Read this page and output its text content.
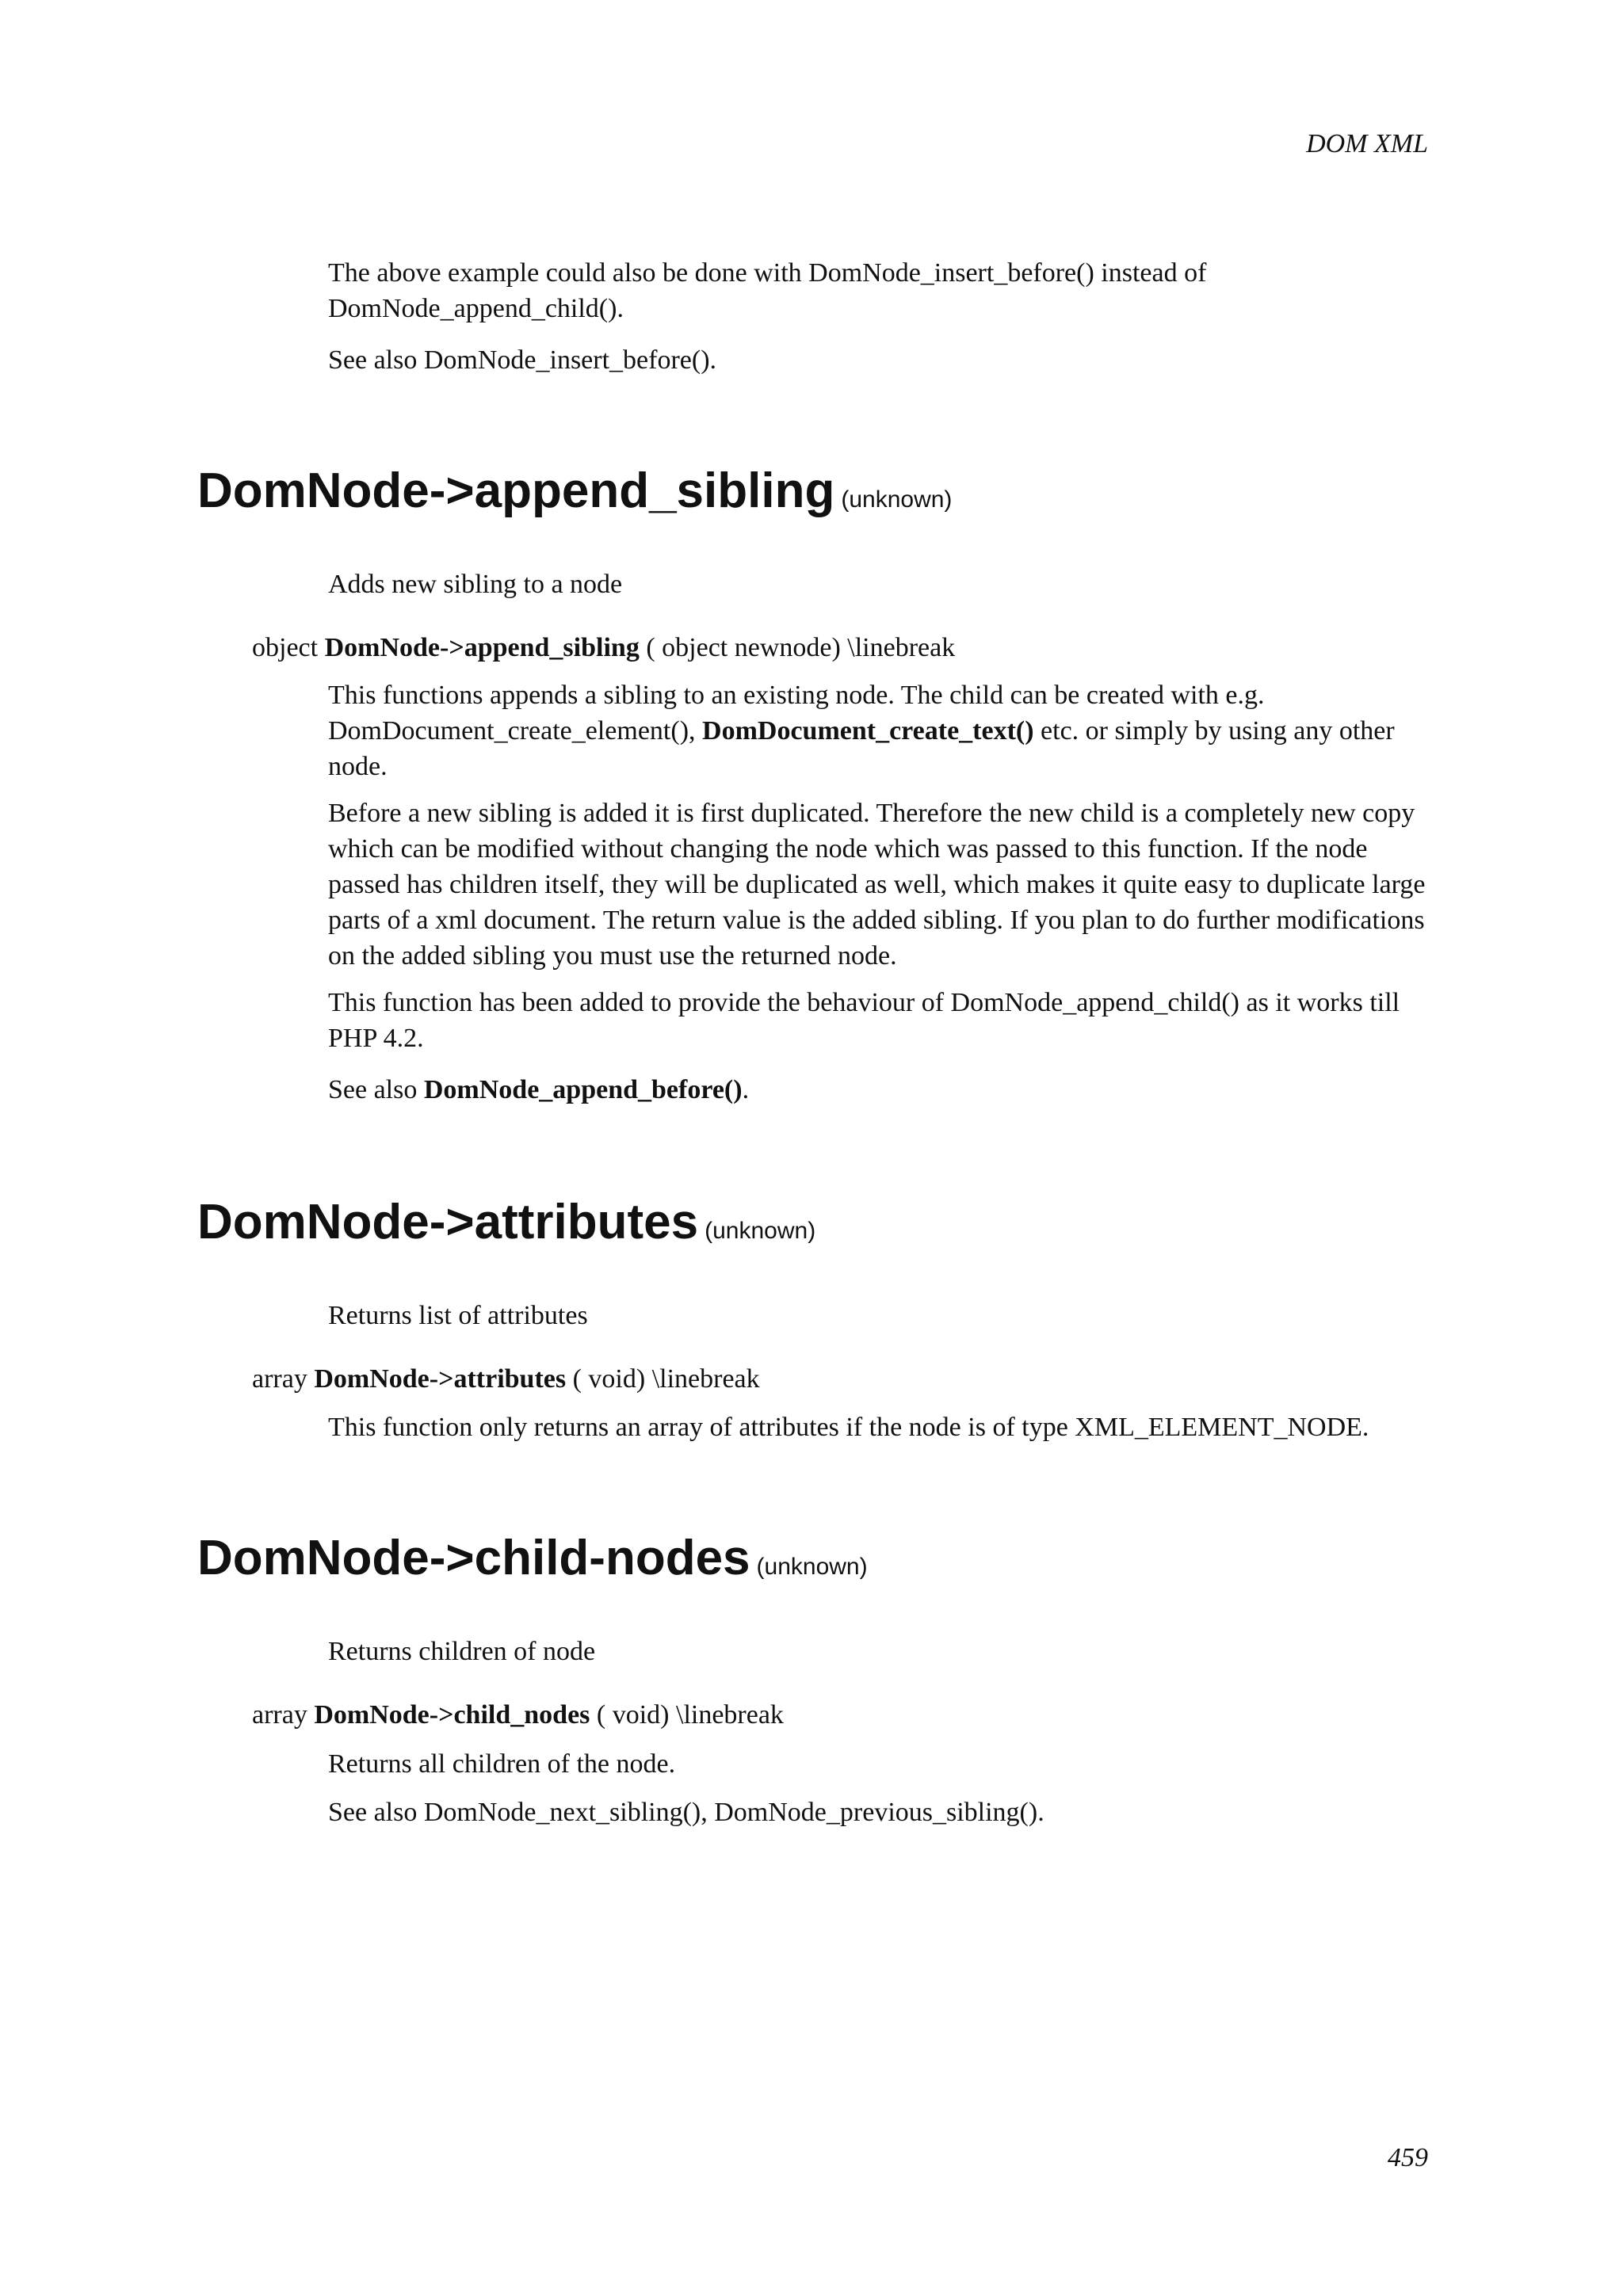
DOM XML

The above example could also be done with DomNode_insert_before() instead of DomNode_append_child().

See also DomNode_insert_before().

DomNode->append_sibling (unknown)

Adds new sibling to a node

object DomNode->append_sibling ( object newnode) \linebreak

This functions appends a sibling to an existing node. The child can be created with e.g. DomDocument_create_element(), DomDocument_create_text() etc. or simply by using any other node.

Before a new sibling is added it is first duplicated. Therefore the new child is a completely new copy which can be modified without changing the node which was passed to this function. If the node passed has children itself, they will be duplicated as well, which makes it quite easy to duplicate large parts of a xml document. The return value is the added sibling. If you plan to do further modifications on the added sibling you must use the returned node.

This function has been added to provide the behaviour of DomNode_append_child() as it works till PHP 4.2.

See also DomNode_append_before().

DomNode->attributes (unknown)

Returns list of attributes

array DomNode->attributes ( void) \linebreak

This function only returns an array of attributes if the node is of type XML_ELEMENT_NODE.

DomNode->child-nodes (unknown)

Returns children of node

array DomNode->child_nodes ( void) \linebreak

Returns all children of the node.

See also DomNode_next_sibling(), DomNode_previous_sibling().

459
